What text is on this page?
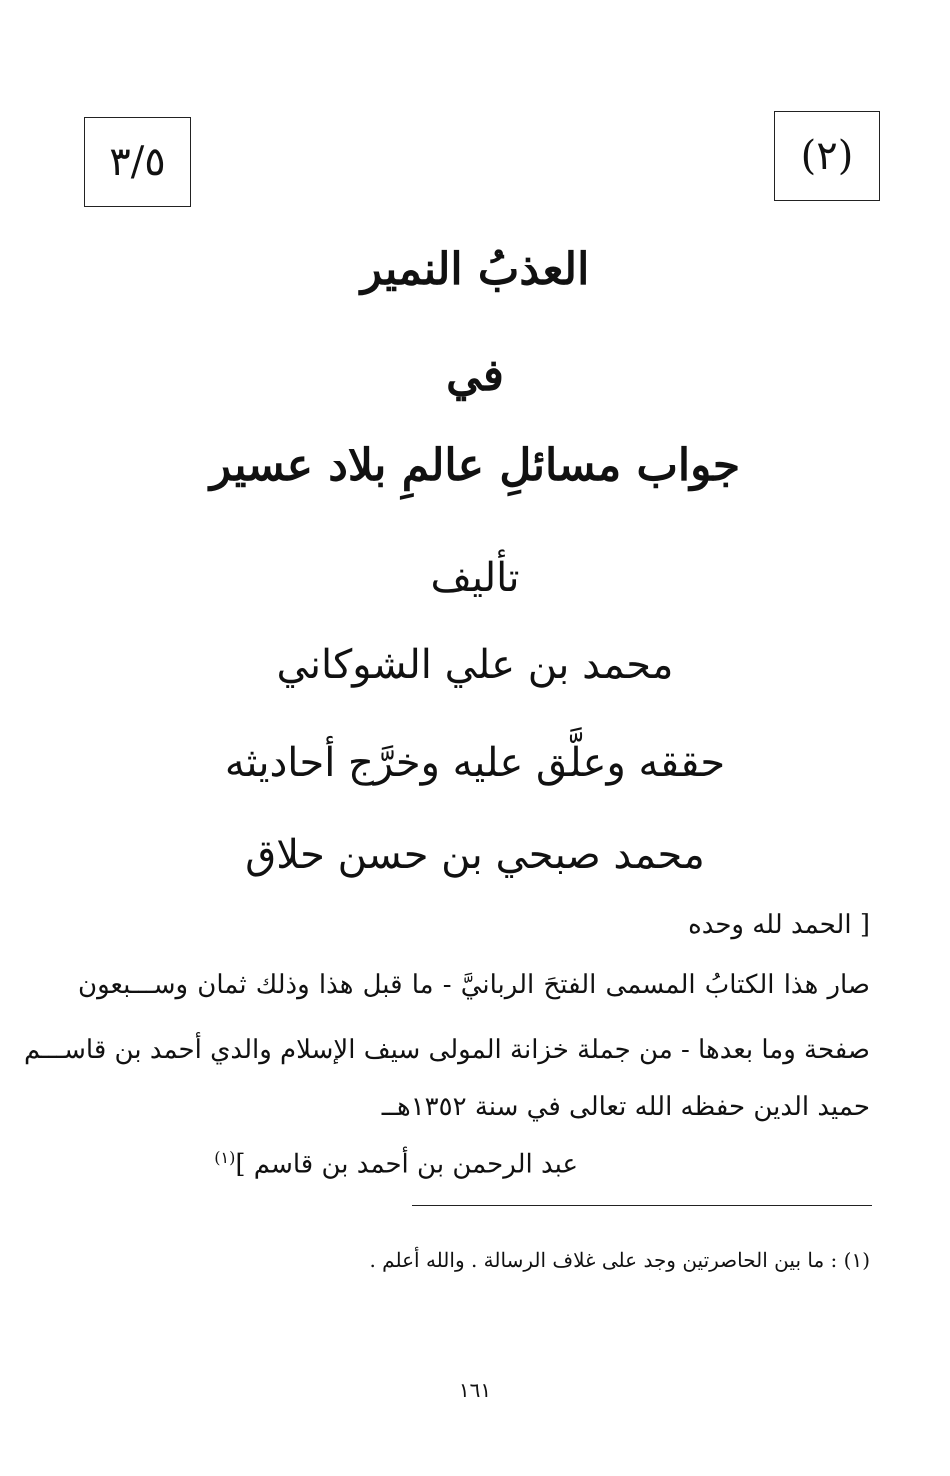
(٢)
٣/٥
العذبُ النمير
في
جواب مسائلِ عالمِ بلاد عسير
تأليف
محمد بن علي الشوكاني
حققه وعلَّق عليه وخرَّج أحاديثه
محمد صبحي بن حسن حلاق
[ الحمد لله وحده
صار هذا الكتابُ المسمى الفتحَ الربانيَّ - ما قبل هذا وذلك ثمان وســـبعون
صفحة وما بعدها - من جملة خزانة المولى سيف الإسلام والدي أحمد بن قاســـم
حميد الدين حفظه الله تعالى في سنة ١٣٥٢هــ
عبد الرحمن بن أحمد بن قاسم ]$^{(١)}$
(١) : ما بين الحاصرتين وجد على غلاف الرسالة . والله أعلم .
١٦١
